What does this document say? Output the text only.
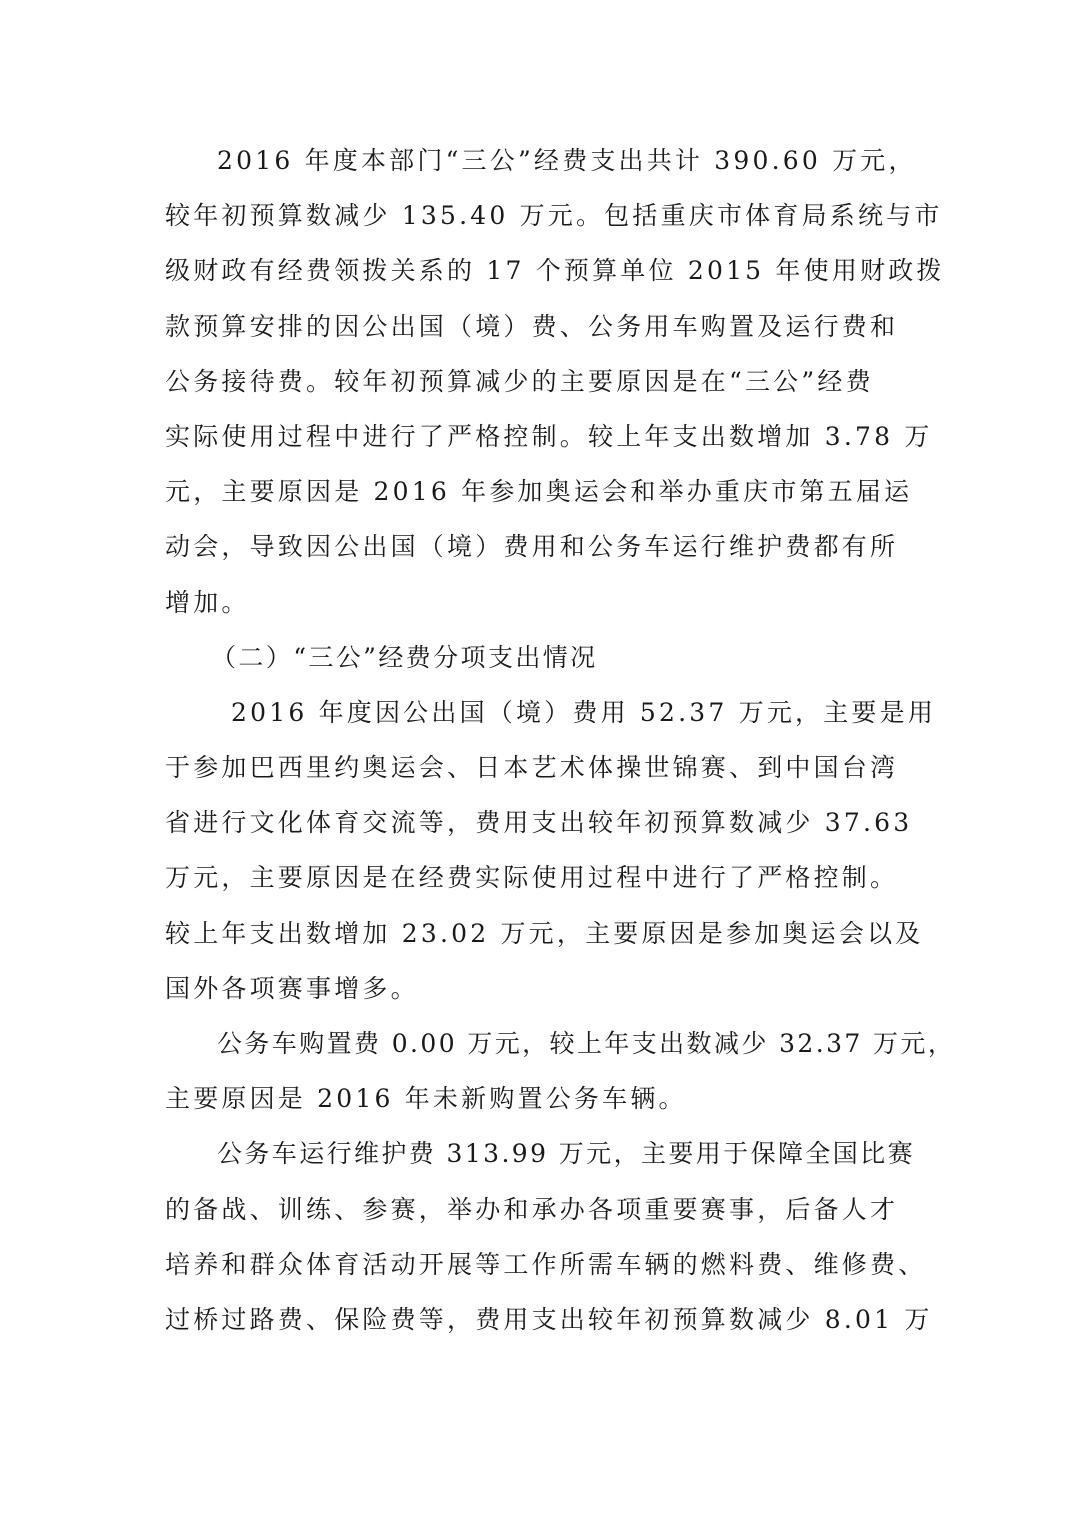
2016 年度本部门“三公”经费支出共计 390.60 万元，
较年初预算数减少 135.40 万元。包括重庆市体育局系统与市
级财政有经费领拨关系的 17 个预算单位 2015 年使用财政拨
款预算安排的因公出国（境）费、公务用车购置及运行费和
公务接待费。较年初预算减少的主要原因是在“三公”经费
实际使用过程中进行了严格控制。较上年支出数增加 3.78 万
元，主要原因是 2016 年参加奥运会和举办重庆市第五届运
动会，导致因公出国（境）费用和公务车运行维护费都有所
增加。
（二）“三公”经费分项支出情况
2016 年度因公出国（境）费用 52.37 万元，主要是用
于参加巴西里约奥运会、日本艺术体操世锦赛、到中国台湾
省进行文化体育交流等，费用支出较年初预算数减少 37.63
万元，主要原因是在经费实际使用过程中进行了严格控制。
较上年支出数增加 23.02 万元，主要原因是参加奥运会以及
国外各项赛事增多。
公务车购置费 0.00 万元，较上年支出数减少 32.37 万元，
主要原因是 2016 年未新购置公务车辆。
公务车运行维护费 313.99 万元，主要用于保障全国比赛
的备战、训练、参赛，举办和承办各项重要赛事，后备人才
培养和群众体育活动开展等工作所需车辆的燃料费、维修费、
过桥过路费、保险费等，费用支出较年初预算数减少 8.01 万
